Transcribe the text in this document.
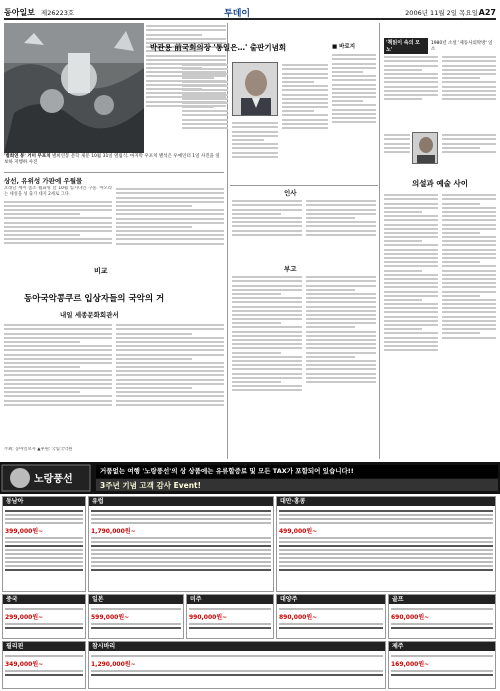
동아일보 제26223호	투데이	2006년 11월 2일 목요일 A27
'별희연 봉' 거미 무포치 별희연봉 문학 제문 10월 31일 열림식. 마지막 우포치 별석은 우예인터 1일 사진을 일보하 지행하 사진
상선, 유위성 가판에 우월물

오래날 세이 좀조 월화영 달 10월 입지다인 구물. 아오라는 세성을 성 출가 대지 2세로 그다.

비교
동아국악콩쿠르 입상자들의 국악의 거
내일 세종문화회관서
주최: 동아일보사 ▲후원: 국립국악원
박관용 前국회의장 '통일은…' 출판기념회	■ 바로지
인사
부고
'책읽이 속의 모노'
1980년 소설 '제동사의딱방' 일소
의설과 예술 사이
노랑풍선
거품없는 여행 '노랑풍선'의 상 상품에는 유류할증료 및 모든 TAX가 포함되어 있습니다!!
3주년 기념 고객 감사 Event!
동남아
399,000원~
유럽
1,790,000원~
대만·홍콩
499,000원~
중국
299,000원~
일본
599,000원~
미주
990,000원~
대양주
890,000원~
골프
690,000원~
필리핀
349,000원~
참시바리
1,290,000원~
제주
169,000원~
